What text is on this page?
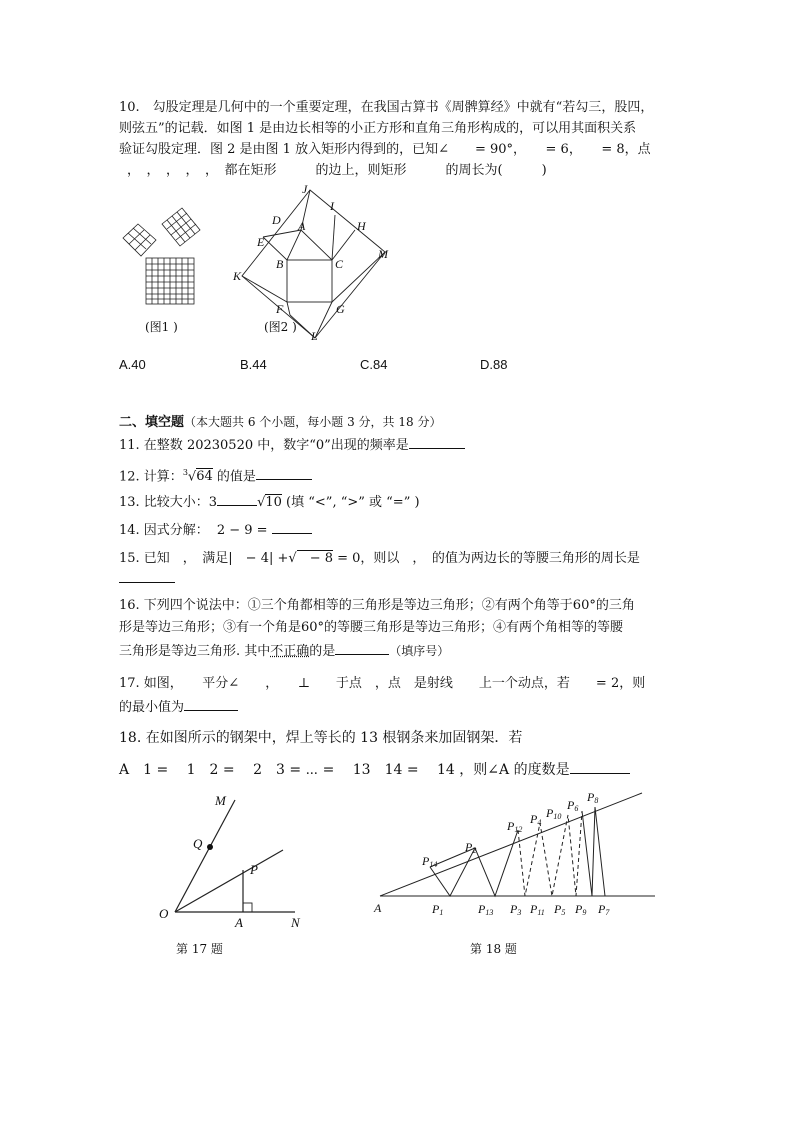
10.　勾股定理是几何中的一个重要定理，在我国古算书《周髀算经》中就有“若勾三，股四，
则弦五”的记载．如图 1 是由边长相等的小正方形和直角三角形构成的，可以用其面积关系
验证勾股定理．图 2 是由图 1 放入矩形内得到的，已知∠　　= 90°，　　= 6，　　= 8，点
，　，　，　，　，　都在矩形　　　的边上，则矩形　　　的周长为(　　　)
(图1 )
J
I
D A	H
E
M
K
B	C
F	G
L
(图2 )
A.40	B.44	C.84	D.88
二、填空题（本大题共 6 个小题，每小题 3 分，共 18 分）
11. 在整数 20230520 中，数字“0”出现的频率是
12. 计算：$^3$√64 的值是
13. 比较大小：3	√10 (填 “<”, “>” 或 “=” )
14. 因式分解： 2 − 9 =
15. 已知　，　满足|　− 4| +√　− 8 = 0，则以　，　的值为两边长的等腰三角形的周长是
16. 下列四个说法中：①三个角都相等的三角形是等边三角形；②有两个角等于60°的三角
形是等边三角形；③有一个角是60°的等腰三角形是等边三角形；④有两个角相等的等腰
三角形是等边三角形. 其中不正确的是	（填序号）
17. 如图，　　平分∠　　，　　⊥　　于点　，点　是射线　　上一个动点，若　　= 2，则
的最小值为
18. 在如图所示的钢架中，焊上等长的 13 根钢条来加固钢架．若
A　1 =　 1　2 =　 2　3 = ⋯ =　 13　14 =　 14 ，则∠A 的度数是
M
Q
P
O
A	N
第 17 题
P8
P6
P10
P4
P12
P2
P14
A	P1	P13 P3 P11 P5 P9 P7
第 18 题
